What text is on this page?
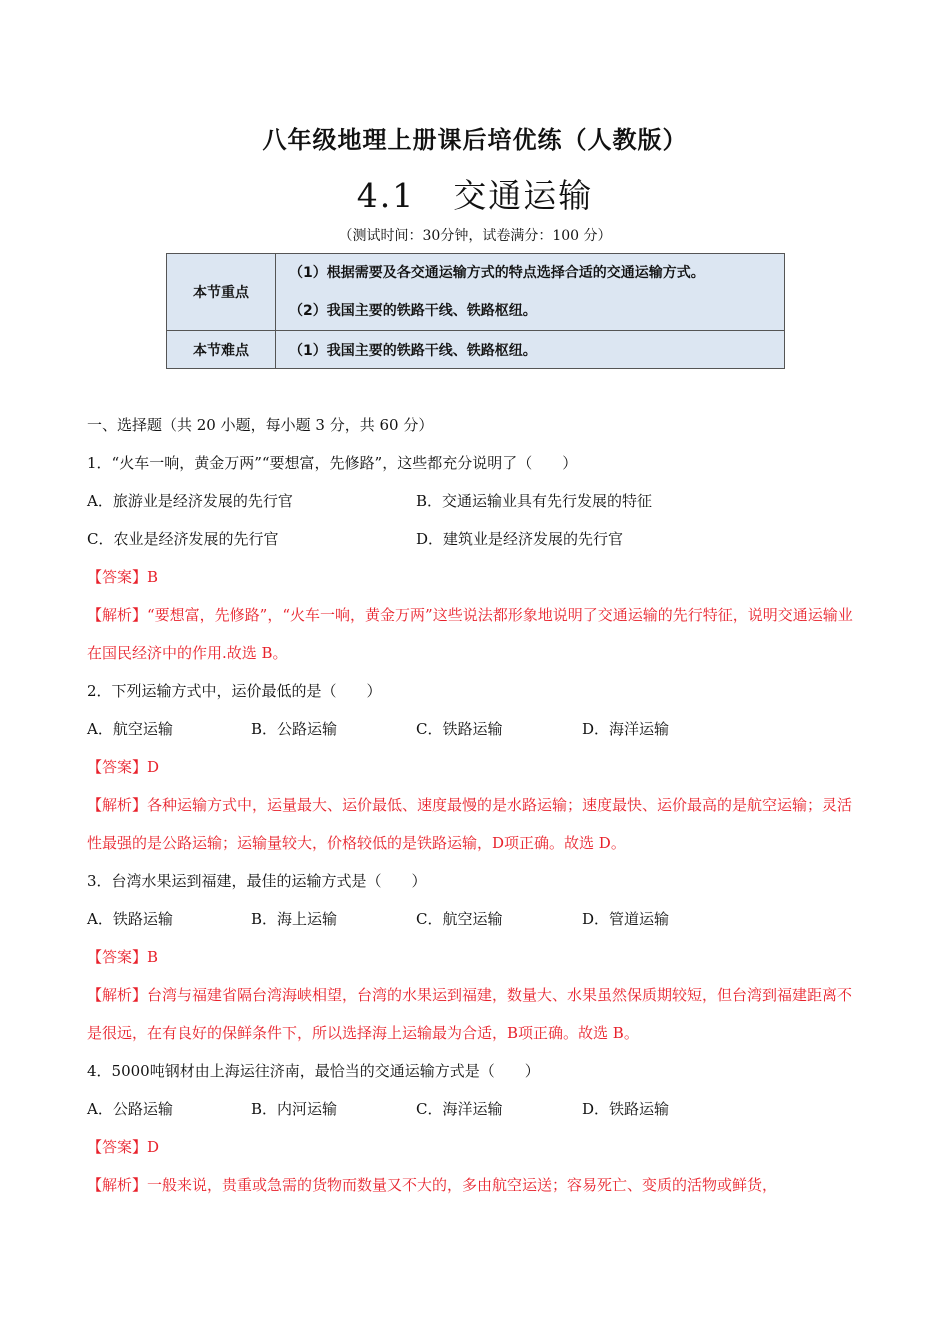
八年级地理上册课后培优练（人教版）
4.1 交通运输
（测试时间：30分钟，试卷满分：100 分）
本节重点	（1）根据需要及各交通运输方式的特点选择合适的交通运输方式。
（2）我国主要的铁路干线、铁路枢纽。

本节难点	（1）我国主要的铁路干线、铁路枢纽。
一、选择题（共 20 小题，每小题 3 分，共 60 分）
1．“火车一响，黄金万两”“要想富，先修路”，这些都充分说明了（　　）
A．旅游业是经济发展的先行官	B．交通运输业具有先行发展的特征
C．农业是经济发展的先行官	D．建筑业是经济发展的先行官
【答案】B
【解析】“要想富，先修路”，“火车一响，黄金万两”这些说法都形象地说明了交通运输的先行特征，说明交通运输业在国民经济中的作用.故选 B。
2．下列运输方式中，运价最低的是（　　）
A．航空运输	B．公路运输	C．铁路运输	D．海洋运输
【答案】D
【解析】各种运输方式中，运量最大、运价最低、速度最慢的是水路运输；速度最快、运价最高的是航空运输；灵活性最强的是公路运输；运输量较大，价格较低的是铁路运输，D项正确。故选 D。
3．台湾水果运到福建，最佳的运输方式是（　　）
A．铁路运输	B．海上运输	C．航空运输	D．管道运输
【答案】B
【解析】台湾与福建省隔台湾海峡相望，台湾的水果运到福建，数量大、水果虽然保质期较短，但台湾到福建距离不是很远，在有良好的保鲜条件下，所以选择海上运输最为合适，B项正确。故选 B。
4．5000吨钢材由上海运往济南，最恰当的交通运输方式是（　　）
A．公路运输	B．内河运输	C．海洋运输	D．铁路运输
【答案】D
【解析】一般来说，贵重或急需的货物而数量又不大的，多由航空运送；容易死亡、变质的活物或鲜货，
